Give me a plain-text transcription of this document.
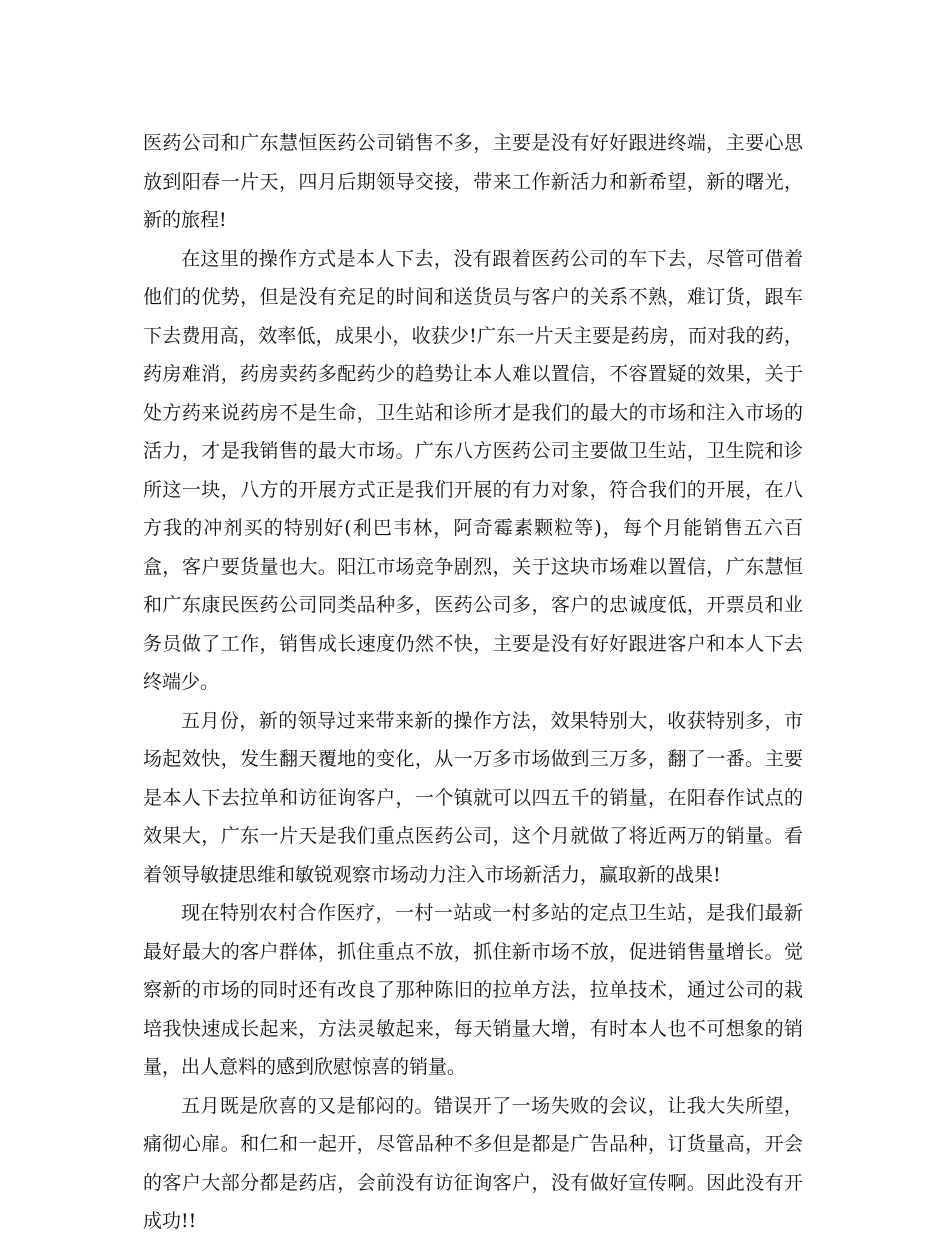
医药公司和广东慧恒医药公司销售不多，主要是没有好好跟进终端，主要心思放到阳春一片天，四月后期领导交接，带来工作新活力和新希望，新的曙光，新的旅程!

在这里的操作方式是本人下去，没有跟着医药公司的车下去，尽管可借着他们的优势，但是没有充足的时间和送货员与客户的关系不熟，难订货，跟车下去费用高，效率低，成果小，收获少!广东一片天主要是药房，而对我的药，药房难消，药房卖药多配药少的趋势让本人难以置信，不容置疑的效果，关于处方药来说药房不是生命，卫生站和诊所才是我们的最大的市场和注入市场的活力，才是我销售的最大市场。广东八方医药公司主要做卫生站，卫生院和诊所这一块，八方的开展方式正是我们开展的有力对象，符合我们的开展，在八方我的冲剂买的特别好(利巴韦林，阿奇霉素颗粒等)，每个月能销售五六百盒，客户要货量也大。阳江市场竞争剧烈，关于这块市场难以置信，广东慧恒和广东康民医药公司同类品种多，医药公司多，客户的忠诚度低，开票员和业务员做了工作，销售成长速度仍然不快，主要是没有好好跟进客户和本人下去终端少。

五月份，新的领导过来带来新的操作方法，效果特别大，收获特别多，市场起效快，发生翻天覆地的变化，从一万多市场做到三万多，翻了一番。主要是本人下去拉单和访征询客户，一个镇就可以四五千的销量，在阳春作试点的效果大，广东一片天是我们重点医药公司，这个月就做了将近两万的销量。看着领导敏捷思维和敏锐观察市场动力注入市场新活力，赢取新的战果!

现在特别农村合作医疗，一村一站或一村多站的定点卫生站，是我们最新最好最大的客户群体，抓住重点不放，抓住新市场不放，促进销售量增长。觉察新的市场的同时还有改良了那种陈旧的拉单方法，拉单技术，通过公司的栽培我快速成长起来，方法灵敏起来，每天销量大增，有时本人也不可想象的销量，出人意料的感到欣慰惊喜的销量。

五月既是欣喜的又是郁闷的。错误开了一场失败的会议，让我大失所望，痛彻心扉。和仁和一起开，尽管品种不多但是都是广告品种，订货量高，开会的客户大部分都是药店，会前没有访征询客户，没有做好宣传啊。因此没有开成功!!
